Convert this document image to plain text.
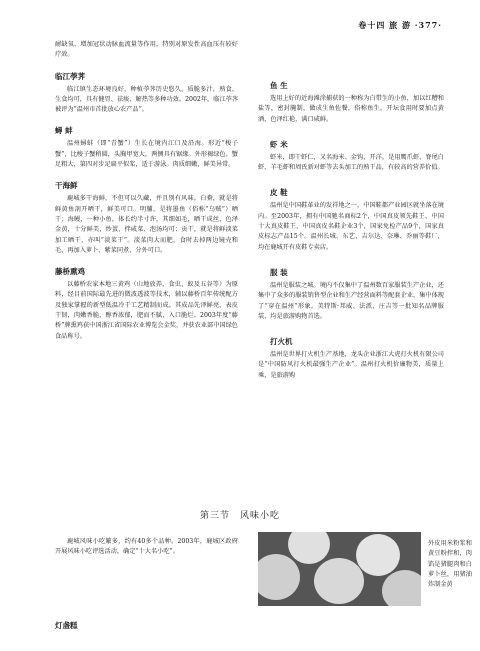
卷十四 旅 游 ·377·

耐缺氧、增加冠状动脉血流量等作用，特别对原发性高血压有较好疗效。

临江荸荠

临江镇生态环境良好，种植荸荠历史悠久。质脆多汁，熟食、生食均可，具有健胃、祛痰、解热等多种功效。2002年，临江荸荠被评为“温州市首批放心农产品”。

蟳 蚌

温州蟳蚌（即“青蟹”）生长在境内江口及沿海。形近“梭子蟹”，比梭子蟹稍圆，头胸甲宽大，两侧具有锯缘。外形褐绿色。蟹足粗大，第四对步足扁平似桨，适于游泳。肉质细嫩，鲜美异常。

干海鲜

鹿城多干海鲜，不但可以久藏，并且别有风味。白鲞，就是将鲜黄鱼剖开晒干，鲜美可口。明脯，是将墨鱼（俗称“乌贼”）晒干；海鳗，一种小鱼，体长约半寸许，其细如毛，晒干成丝，色泽金黄，十分鲜美，炒蛋、拌咸菜、泡汤均可；贡干，就是将鲜淡菜加工晒干，亦叫“淡菜干”。淡菜肉大而肥，食时去掉两边镜壳和毛，再加入萝卜、紫菜同煮，分外可口。

藤桥熏鸡

以藤桥农家本地三黄鸡（山地放养，食虫、蚁及五谷等）为原料，经目前国际最先进的微波透波等技术，辅以藤桥百年传统配方及独家掌握的新型低温冷干工艺精制而成。其成品先泽鲜亮，表皮干韧，肉嫩香脆，醇香浓郁，肥而不腻，入口脆烂。2003年度“藤桥”牌熏鸡获中国浙江省国际农业博览会金奖，并获农业部中国绿色食品称号。

鱼 生

选用上好的近海滩涂捕获的一种称为白带生的小鱼，加以红糟和盐等，密封腌制，做成生鱼佐餐，俗称鱼生。开坛食用时要加点黄酒，色泽红艳，满口咸鲜。

虾 米

虾米，即干虾仁，又名海米、金钩、开洋。是用鹰爪虾、脊尾白虾、羊毛虾和周氏新对虾等去头加工的熟干品，有较高的营养价值。

皮 鞋

温州是中国鞋革业的发祥地之一，中国鞋都产业园区就坐落在境内。至2003年，拥有中国驰名商标2个，中国真皮领先鞋王、中国十大真皮鞋王、中国真皮名鞋企业3个，国家免检产品9个，国家真皮标志产品15个。温州长城、东艺、吉尔达、奈琳、乔丽等鞋厂，均在鹿城开有皮鞋专卖店。

服 装

温州是服装之城。境内不仅集中了温州数百家服装生产企业，还集中了众多的服装销售型企业和生产经营面料等配套企业，集中体现了“穿在温州”形象。美特斯·邦威、法派、庄吉等一批知名品牌服装，均是旅游购物首选。

打火机

温州是世界打火机生产基地，龙头企业浙江大虎打火机有限公司是“中国防风打火机最强生产企业”。温州打火机价廉物美，质量上乘，是旅游购

第三节　风味小吃

鹿城风味小吃繁多，约有40多个品种。2003年，鹿城区政府开展风味小吃评选活动，确定“十大名小吃”。

灯盏糕

外皮用米粉浆和黄豆粉拌和，肉馅是猪腿肉和白萝卜丝，用猪油炸制金黄
